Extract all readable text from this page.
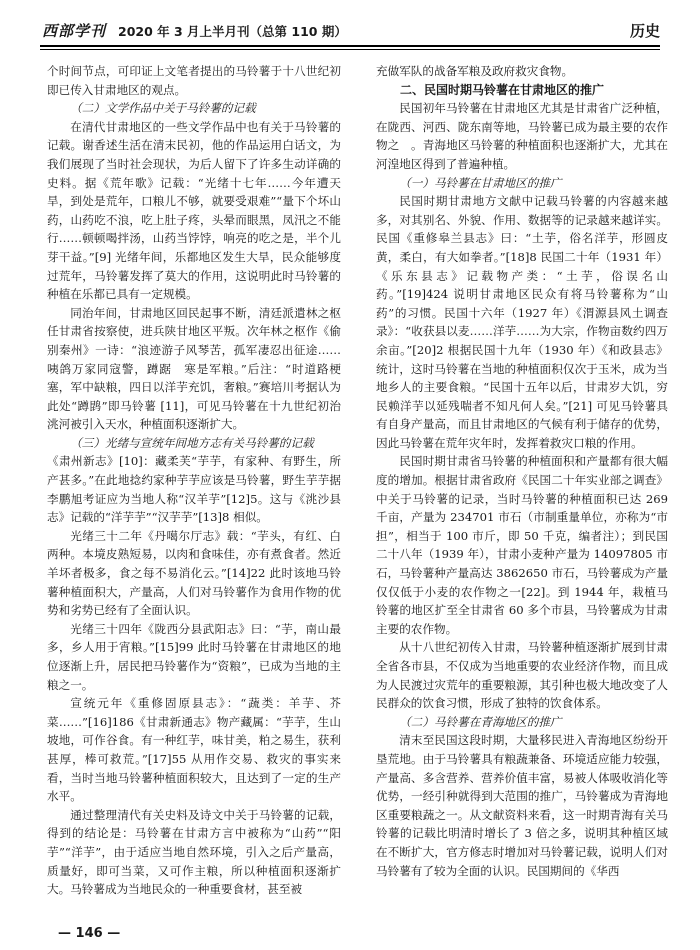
西部学刊 2020 年 3 月上半月刊（总第 110 期）	历史

个时间节点，可印证上文笔者提出的马铃薯于十八世纪初即已传入甘肃地区的观点。

（二）文学作品中关于马铃薯的记载

在清代甘肃地区的一些文学作品中也有关于马铃薯的记载。谢香述生活在清末民初，他的作品运用白话文，为我们展现了当时社会现状，为后人留下了许多生动详确的史料。据《荒年歌》记载：“光绪十七年……今年遭天旱，到处是荒年，口粮儿不够，就要受艰难”“量下个坏山药，山药吃不浪，吃上肚子疼，头晕而眼黑，凤汛之不能行……顿顿喝拌汤，山药当饽饽，响亮的吃之是，半个儿芽干益。”[9] 光绪年间，乐都地区发生大旱，民众能够度过荒年，马铃薯发挥了莫大的作用，这说明此时马铃薯的种植在乐都已具有一定规模。

同治年间，甘肃地区回民起事不断，清廷派遣林之枢任甘肃省按察使，进兵陕甘地区平叛。次年林之枢作《偷别秦州》一诗：“浪迹游子风琴苦，孤军凄忍出征途……咦鸽万家同寇警，蹲踞　寒是军粮。”后注：“时道路梗塞，军中缺粮，四日以洋芋充饥，奢粮。”赛培川考据认为此处“蹲鹍”即马铃薯 [11]，可见马铃薯在十九世纪初治洮河被引入天水，种植面积逐渐扩大。

（三）光绪与宣统年间地方志有关马铃薯的记载

《肃州新志》[10]：藏柔芙“芋芋，有家种、有野生，所产甚多。”在此地捻约家种芋芋应该是马铃薯，野生芋芋据李鹏旭考证应为当地人称“汉羊芋”[12]5。这与《洮沙县志》记载的“洋芋芋”“汉芋芋”[13]8 相似。

光绪三十二年《丹噶尔厅志》载：“芋头，有红、白两种。本境皮熟短易，以肉和食味佳，亦有煮食者。然近羊坏者极多，食之每不易消化云。”[14]22 此时该地马铃薯种植面积大，产量高，人们对马铃薯作为食用作物的优势和劣势已经有了全面认识。

光绪三十四年《陇西分县武阳志》曰：“芋，南山最多，乡人用于宵粮。”[15]99 此时马铃薯在甘肃地区的地位逐渐上升，居民把马铃薯作为“资粮”，已成为当地的主粮之一。

宣统元年《重修固原县志》：“蔬类：羊芋、芥菜……”[16]186《甘肃新通志》物产藏属：“芋芋，生山坡地，可作谷食。有一种红芋，味甘美，粕之易生，获利甚厚，棒可救荒。”[17]55 从用作交易、救灾的事实来看，当时当地马铃薯种植面积较大，且达到了一定的生产水平。

通过整理清代有关史料及诗文中关于马铃薯的记载，得到的结论是：马铃薯在甘肃方言中被称为“山药”“阳芋”“洋芋”，由于适应当地自然环境，引入之后产量高，质量好，即可当菜，又可作主粮，所以种植面积逐渐扩大。马铃薯成为当地民众的一种重要食材，甚至被

充做军队的战备军粮及政府救灾食物。

二、民国时期马铃薯在甘肃地区的推广

民国初年马铃薯在甘肃地区尤其是甘肃省广泛种植，在陇西、河西、陇东南等地，马铃薯已成为最主要的农作物之　。青海地区马铃薯的种植面积也逐渐扩大，尤其在河湟地区得到了普遍种植。

（一）马铃薯在甘肃地区的推广

民国时期甘肃地方文献中记载马铃薯的内容越来越多，对其别名、外貌、作用、数据等的记录越来越详实。民国《重修皋兰县志》曰：“土芋，俗名洋芋，形圆皮黄，柔白，有大如拳者。”[18]8 民国二十年（1931 年）《乐东县志》记载物产类：“土芋，俗误名山药。”[19]424 说明甘肃地区民众有将马铃薯称为“山药”的习惯。民国十六年（1927 年）《渭源县风土调查录》：“收获县以麦……洋芋……为大宗，作物亩数约四万余亩。”[20]2 根据民国十九年（1930 年）《和政县志》统计，这时马铃薯在当地的种植面积仅次于玉米，成为当地乡人的主要食粮。“民国十五年以后，甘肃岁大饥，穷民赖洋芋以延残喘者不知凡何人矣。”[21] 可见马铃薯具有自身产量高，而且甘肃地区的气候有利于储存的优势，因此马铃薯在荒年灾年时，发挥着救灾口粮的作用。

民国时期甘肃省马铃薯的种植面积和产量都有很大幅度的增加。根据甘肃省政府《民国二十年实业部之调查》中关于马铃薯的记录，当时马铃薯的种植面积已达 269 千亩，产量为 234701 市石（市制重量单位，亦称为“市担”，相当于 100 市斤，即 50 千克，编者注）；到民国二十八年（1939 年），甘肃小麦种产量为 14097805 市石，马铃薯种产量高达 3862650 市石，马铃薯成为产量仅仅低于小麦的农作物之一[22]。到 1944 年，栽植马铃薯的地区扩至全甘肃省 60 多个市县，马铃薯成为甘肃主要的农作物。

从十八世纪初传入甘肃，马铃薯种植逐渐扩展到甘肃全省各市县，不仅成为当地重要的农业经济作物，而且成为人民渡过灾荒年的重要粮源，其引种也极大地改变了人民群众的饮食习惯，形成了独特的饮食体系。

（二）马铃薯在青海地区的推广

清末至民国这段时期，大量移民进入青海地区纷纷开垦荒地。由于马铃薯具有粮蔬兼备、环境适应能力较强，产量高、多含营养、营养价值丰富，易被人体吸收消化等优势，一经引种就得到大范围的推广，马铃薯成为青海地区重要粮蔬之一。从文献资料来看，这一时期青海有关马铃薯的记载比明清时增长了 3 倍之多，说明其种植区域在不断扩大，官方修志时增加对马铃薯记载，说明人们对马铃薯有了较为全面的认识。民国期间的《华西

— 146 —
